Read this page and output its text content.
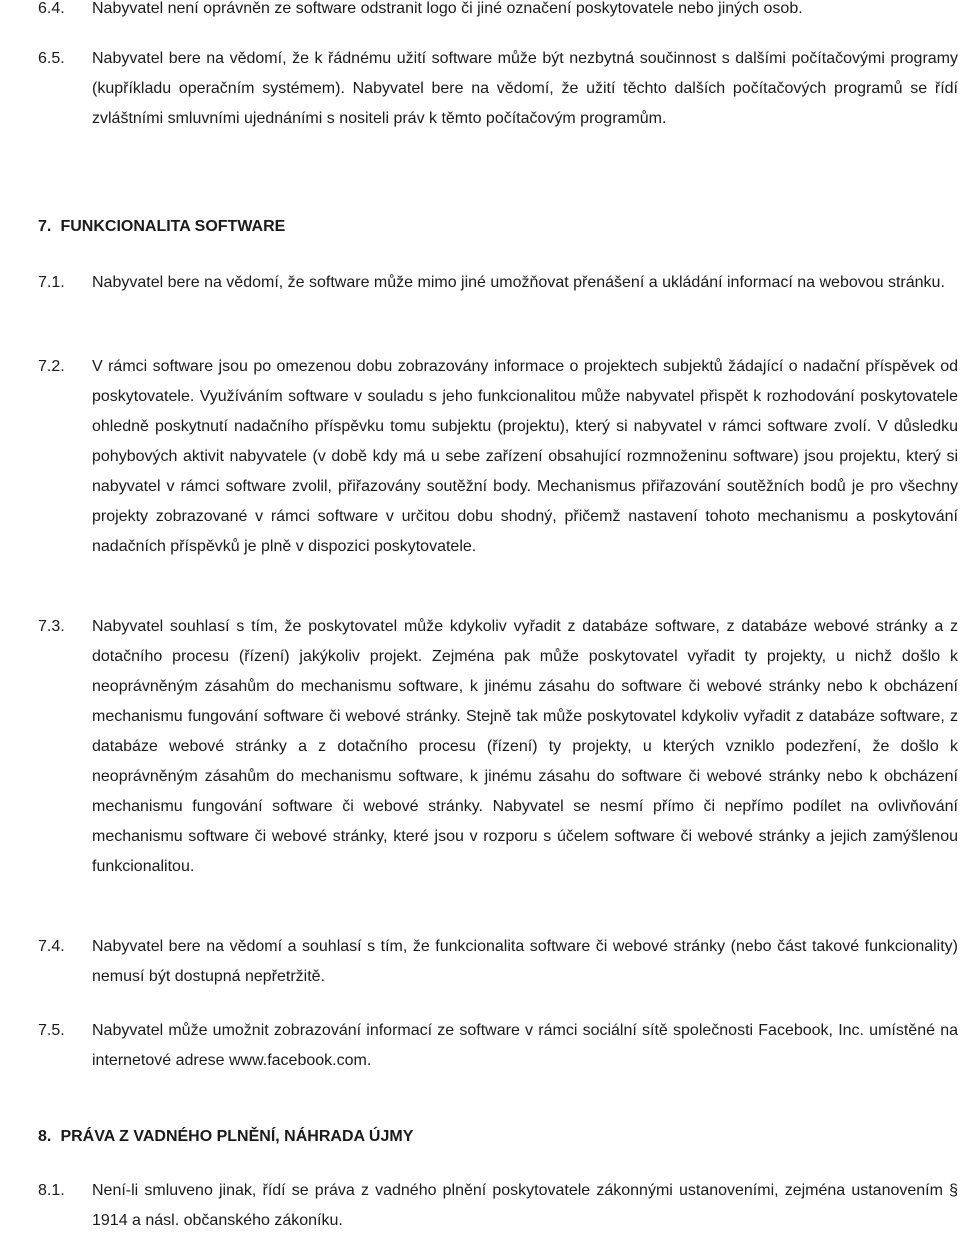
6.4. Nabyvatel není oprávněn ze software odstranit logo či jiné označení poskytovatele nebo jiných osob.
6.5. Nabyvatel bere na vědomí, že k řádnému užití software může být nezbytná součinnost s dalšími počítačovými programy (kupříkladu operačním systémem). Nabyvatel bere na vědomí, že užití těchto dalších počítačových programů se řídí zvláštními smluvními ujednáními s nositeli práv k těmto počítačovým programům.
7. FUNKCIONALITA SOFTWARE
7.1. Nabyvatel bere na vědomí, že software může mimo jiné umožňovat přenášení a ukládání informací na webovou stránku.
7.2. V rámci software jsou po omezenou dobu zobrazovány informace o projektech subjektů žádající o nadační příspěvek od poskytovatele. Využíváním software v souladu s jeho funkcionalitou může nabyvatel přispět k rozhodování poskytovatele ohledně poskytnutí nadačního příspěvku tomu subjektu (projektu), který si nabyvatel v rámci software zvolí. V důsledku pohybových aktivit nabyvatele (v době kdy má u sebe zařízení obsahující rozmnoženinu software) jsou projektu, který si nabyvatel v rámci software zvolil, přiřazovány soutěžní body. Mechanismus přiřazování soutěžních bodů je pro všechny projekty zobrazované v rámci software v určitou dobu shodný, přičemž nastavení tohoto mechanismu a poskytování nadačních příspěvků je plně v dispozici poskytovatele.
7.3. Nabyvatel souhlasí s tím, že poskytovatel může kdykoliv vyřadit z databáze software, z databáze webové stránky a z dotačního procesu (řízení) jakýkoliv projekt. Zejména pak může poskytovatel vyřadit ty projekty, u nichž došlo k neoprávněným zásahům do mechanismu software, k jinému zásahu do software či webové stránky nebo k obcházení mechanismu fungování software či webové stránky. Stejně tak může poskytovatel kdykoliv vyřadit z databáze software, z databáze webové stránky a z dotačního procesu (řízení) ty projekty, u kterých vzniklo podezření, že došlo k neoprávněným zásahům do mechanismu software, k jinému zásahu do software či webové stránky nebo k obcházení mechanismu fungování software či webové stránky. Nabyvatel se nesmí přímo či nepřímo podílet na ovlivňování mechanismu software či webové stránky, které jsou v rozporu s účelem software či webové stránky a jejich zamýšlenou funkcionalitou.
7.4. Nabyvatel bere na vědomí a souhlasí s tím, že funkcionalita software či webové stránky (nebo část takové funkcionality) nemusí být dostupná nepřetržitě.
7.5. Nabyvatel může umožnit zobrazování informací ze software v rámci sociální sítě společnosti Facebook, Inc. umístěné na internetové adrese www.facebook.com.
8. PRÁVA Z VADNÉHO PLNĚNÍ, NÁHRADA ÚJMY
8.1. Není-li smluveno jinak, řídí se práva z vadného plnění poskytovatele zákonnými ustanoveními, zejména ustanovením § 1914 a násl. občanského zákoníku.
